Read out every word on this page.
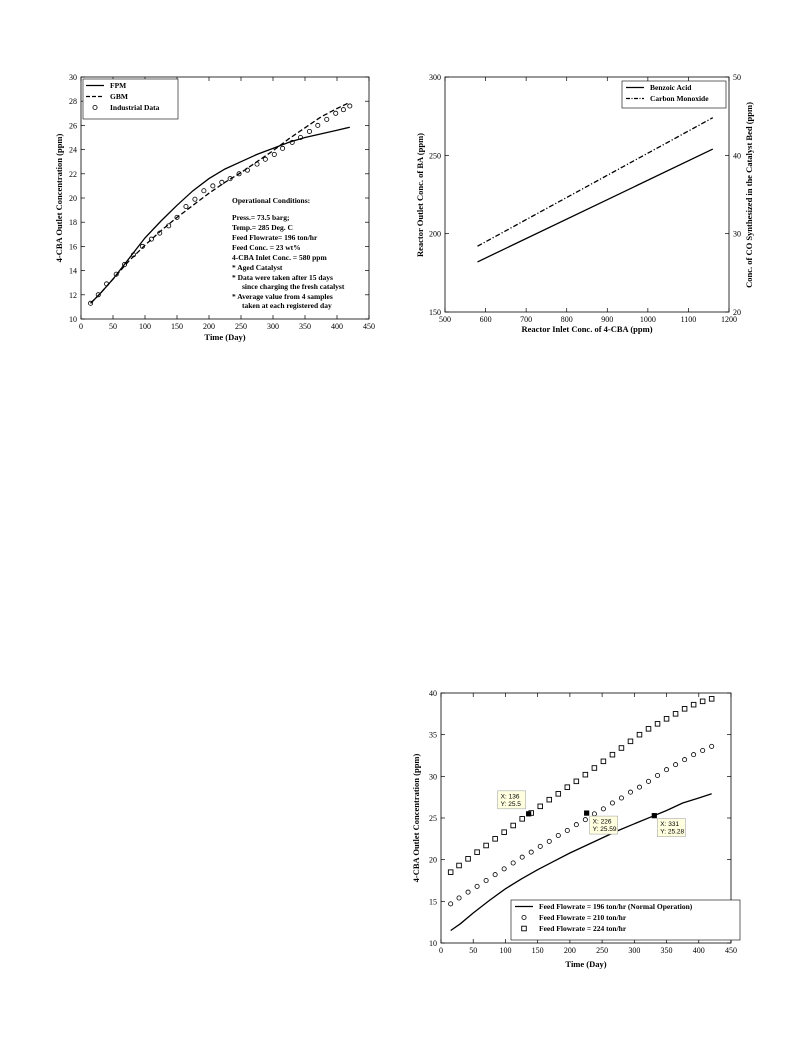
0	50	100	150	200	250	300	350	400	450
10
12
14
16
18
20
22
24
26
28
30
Time (Day)
4-CBA Outlet Concentration (ppm)
FPM
GBM
Industrial Data
Operational Conditions:
Press.= 73.5 barg;
Temp.= 285 Deg. C
Feed Flowrate= 196 ton/hr
Feed Conc. = 23 wt%
4-CBA Inlet Conc. = 580 ppm
* Aged Catalyst
* Data were taken after 15 days
since charging the fresh catalyst
* Average value from 4 samples
taken at each registered day
500	600	700	800	900	1000	1100	1200
150
200
250
300
20
30
40
50
Reactor Inlet Conc. of 4-CBA (ppm)
Reactor Outlet Conc. of BA (ppm)	Conc. of CO Synthesized in the Catalyst Bed (ppm)
Benzoic Acid
Carbon Monoxide
0	50	100	150	200	250	300	350	400	450
10
15
20
25
30
35
40
X: 136
Y: 25.5
X: 226
Y: 25.59
X: 331
Y: 25.28
Time (Day)
4-CBA Outlet Concentration (ppm)
Feed Flowrate = 196 ton/hr (Normal Operation)
Feed Flowrate = 210 ton/hr
Feed Flowrate = 224 ton/hr
